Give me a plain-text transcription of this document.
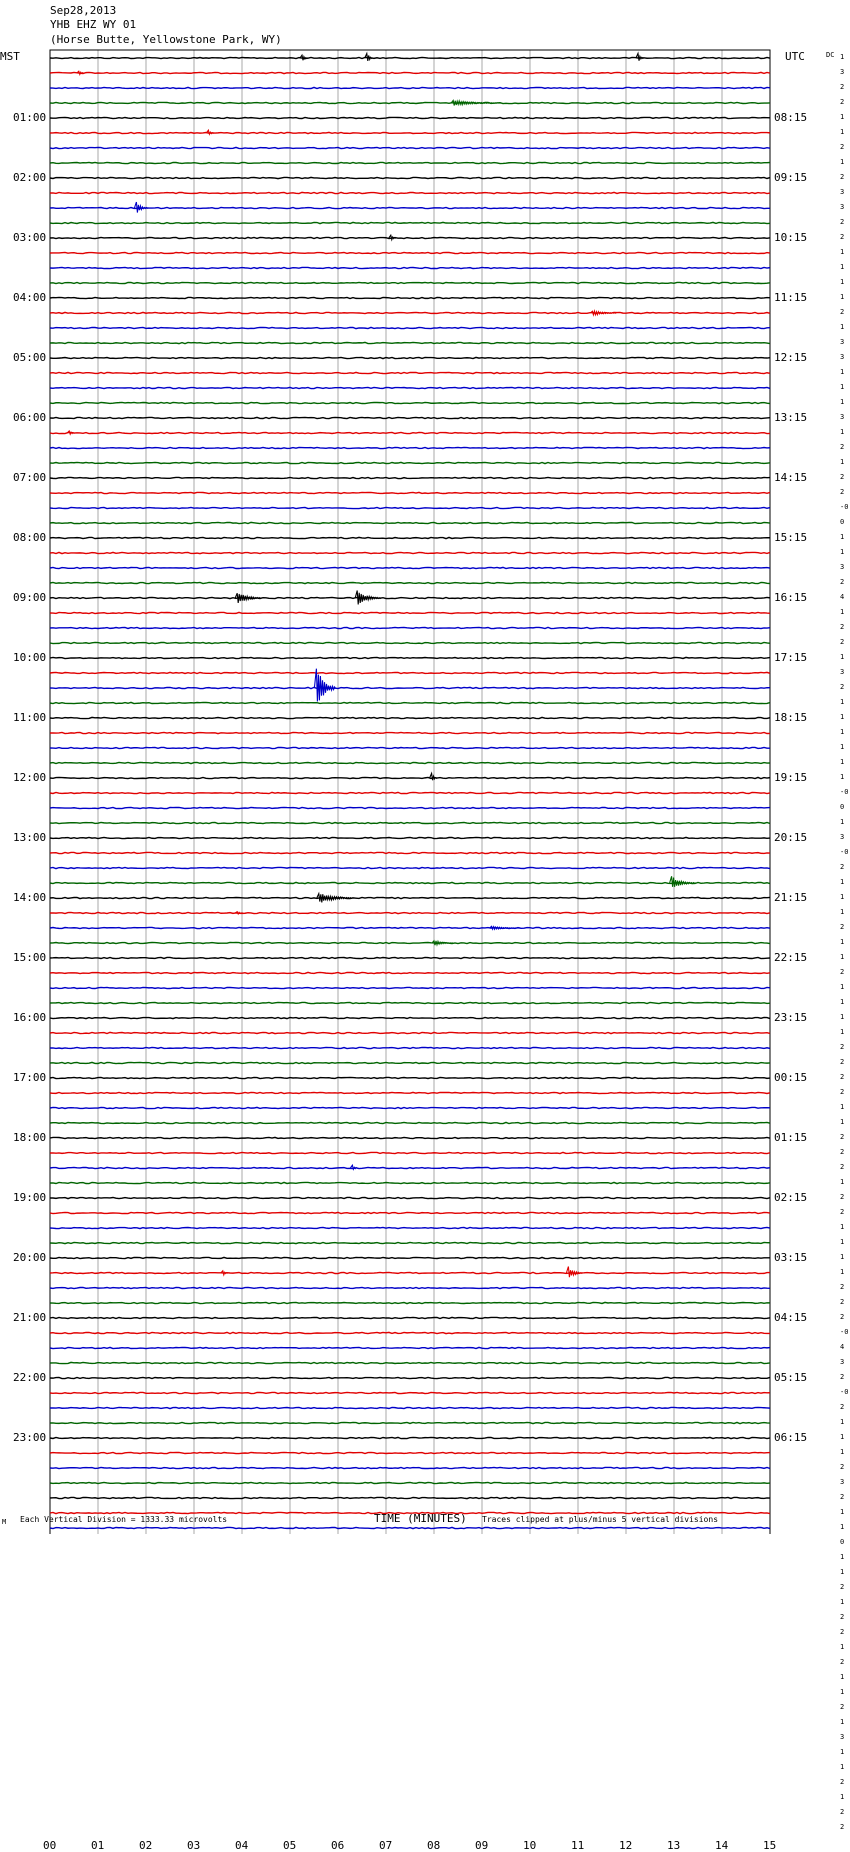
Sep28,2013
YHB EHZ WY 01
(Horse Butte, Yellowstone Park, WY)
MST	UTC	DC 1
3
2
2
1
1
2
1
2
3
3
2
2
1
1
1
1
2
1
3
3
1
1
1
3
1
2
1
2
2
-0
0
1
1
3
2
4
1
2
2
1
3
2
1
1
1
1
1
1
-0
0
1
3
-0
2
1
1
1
2
1
1
2
1
1
1
1
2
2
2
2
1
1
2
2
2
1
2
2
1
1
1
1
2
2
2
-0
4
3
2
-0
2
1
1
1
2
3
2
1
1
0
1
1
2
1
2
2
1
2
1
1
2
1
3
1
1
2
1
2
2
01:00	08:15
02:00	09:15
03:00	10:15
04:00	11:15
05:00	12:15
06:00	13:15
07:00	14:15
08:00	15:15
09:00	16:15
10:00	17:15
11:00	18:15
12:00	19:15
13:00	20:15
14:00	21:15
15:00	22:15
16:00	23:15
17:00	00:15
18:00	01:15
19:00	02:15
20:00	03:15
21:00	04:15
22:00	05:15
23:00	06:15
00	01	02	03	04	05	06	07	08	09	10	11	12	13	14	15
Each Vertical Division = 1333.33 microvolts	TIME (MINUTES) Traces clipped at plus/minus 5 vertical divisions
M
